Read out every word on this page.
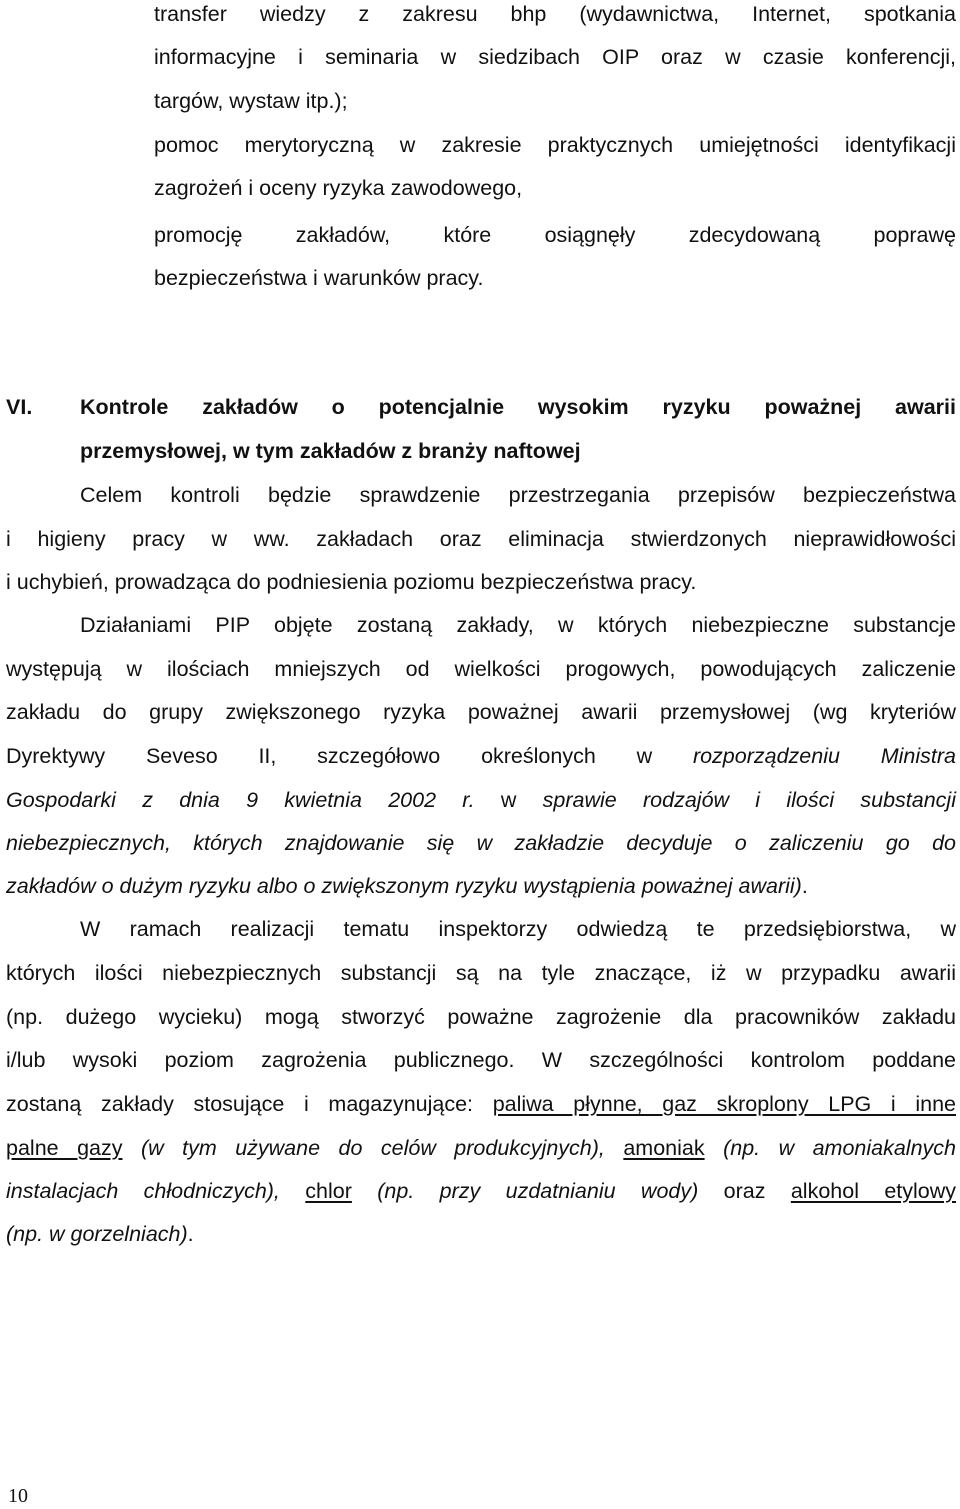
transfer wiedzy z zakresu bhp (wydawnictwa, Internet, spotkania
informacyjne i seminaria w siedzibach OIP oraz w czasie konferencji,
targów, wystaw itp.);
pomoc merytoryczną w zakresie praktycznych umiejętności identyfikacji
zagrożeń i oceny ryzyka zawodowego,
promocję zakładów, które osiągnęły zdecydowaną poprawę
bezpieczeństwa i warunków pracy.
VI. Kontrole zakładów o potencjalnie wysokim ryzyku poważnej awarii
przemysłowej, w tym zakładów z branży naftowej
Celem kontroli będzie sprawdzenie przestrzegania przepisów bezpieczeństwa
i higieny pracy w ww. zakładach oraz eliminacja stwierdzonych nieprawidłowości
i uchybień, prowadząca do podniesienia poziomu bezpieczeństwa pracy.
Działaniami PIP objęte zostaną zakłady, w których niebezpieczne substancje
występują w ilościach mniejszych od wielkości progowych, powodujących zaliczenie
zakładu do grupy zwiększonego ryzyka poważnej awarii przemysłowej (wg kryteriów
Dyrektywy Seveso II, szczegółowo określonych w rozporządzeniu Ministra
Gospodarki z dnia 9 kwietnia 2002 r. w sprawie rodzajów i ilości substancji
niebezpiecznych, których znajdowanie się w zakładzie decyduje o zaliczeniu go do
zakładów o dużym ryzyku albo o zwiększonym ryzyku wystąpienia poważnej awarii).
W ramach realizacji tematu inspektorzy odwiedzą te przedsiębiorstwa, w
których ilości niebezpiecznych substancji są na tyle znaczące, iż w przypadku awarii
(np. dużego wycieku) mogą stworzyć poważne zagrożenie dla pracowników zakładu
i/lub wysoki poziom zagrożenia publicznego. W szczególności kontrolom poddane
zostaną zakłady stosujące i magazynujące: paliwa płynne, gaz skroplony LPG i inne
palne gazy (w tym używane do celów produkcyjnych), amoniak (np. w amoniakalnych
instalacjach chłodniczych), chlor (np. przy uzdatnianiu wody) oraz alkohol etylowy
(np. w gorzelniach).
10
